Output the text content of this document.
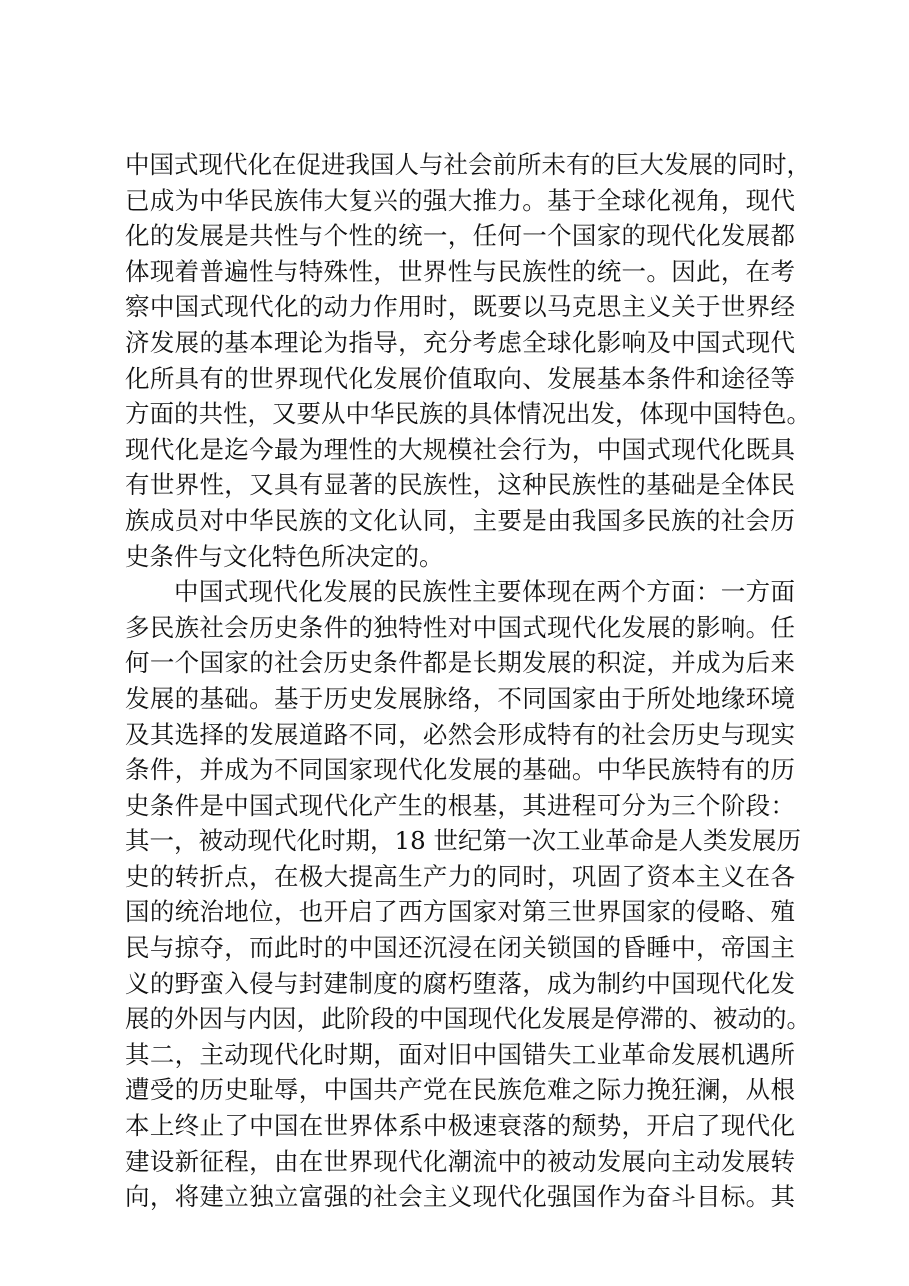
中国式现代化在促进我国人与社会前所未有的巨大发展的同时，
已成为中华民族伟大复兴的强大推力。基于全球化视角，现代
化的发展是共性与个性的统一，任何一个国家的现代化发展都
体现着普遍性与特殊性，世界性与民族性的统一。因此，在考
察中国式现代化的动力作用时，既要以马克思主义关于世界经
济发展的基本理论为指导，充分考虑全球化影响及中国式现代
化所具有的世界现代化发展价值取向、发展基本条件和途径等
方面的共性，又要从中华民族的具体情况出发，体现中国特色。
现代化是迄今最为理性的大规模社会行为，中国式现代化既具
有世界性，又具有显著的民族性，这种民族性的基础是全体民
族成员对中华民族的文化认同，主要是由我国多民族的社会历
史条件与文化特色所决定的。
中国式现代化发展的民族性主要体现在两个方面：一方面
多民族社会历史条件的独特性对中国式现代化发展的影响。任
何一个国家的社会历史条件都是长期发展的积淀，并成为后来
发展的基础。基于历史发展脉络，不同国家由于所处地缘环境
及其选择的发展道路不同，必然会形成特有的社会历史与现实
条件，并成为不同国家现代化发展的基础。中华民族特有的历
史条件是中国式现代化产生的根基，其进程可分为三个阶段：
其一，被动现代化时期，18 世纪第一次工业革命是人类发展历
史的转折点，在极大提高生产力的同时，巩固了资本主义在各
国的统治地位，也开启了西方国家对第三世界国家的侵略、殖
民与掠夺，而此时的中国还沉浸在闭关锁国的昏睡中，帝国主
义的野蛮入侵与封建制度的腐朽堕落，成为制约中国现代化发
展的外因与内因，此阶段的中国现代化发展是停滞的、被动的。
其二，主动现代化时期，面对旧中国错失工业革命发展机遇所
遭受的历史耻辱，中国共产党在民族危难之际力挽狂澜，从根
本上终止了中国在世界体系中极速衰落的颓势，开启了现代化
建设新征程，由在世界现代化潮流中的被动发展向主动发展转
向，将建立独立富强的社会主义现代化强国作为奋斗目标。其
